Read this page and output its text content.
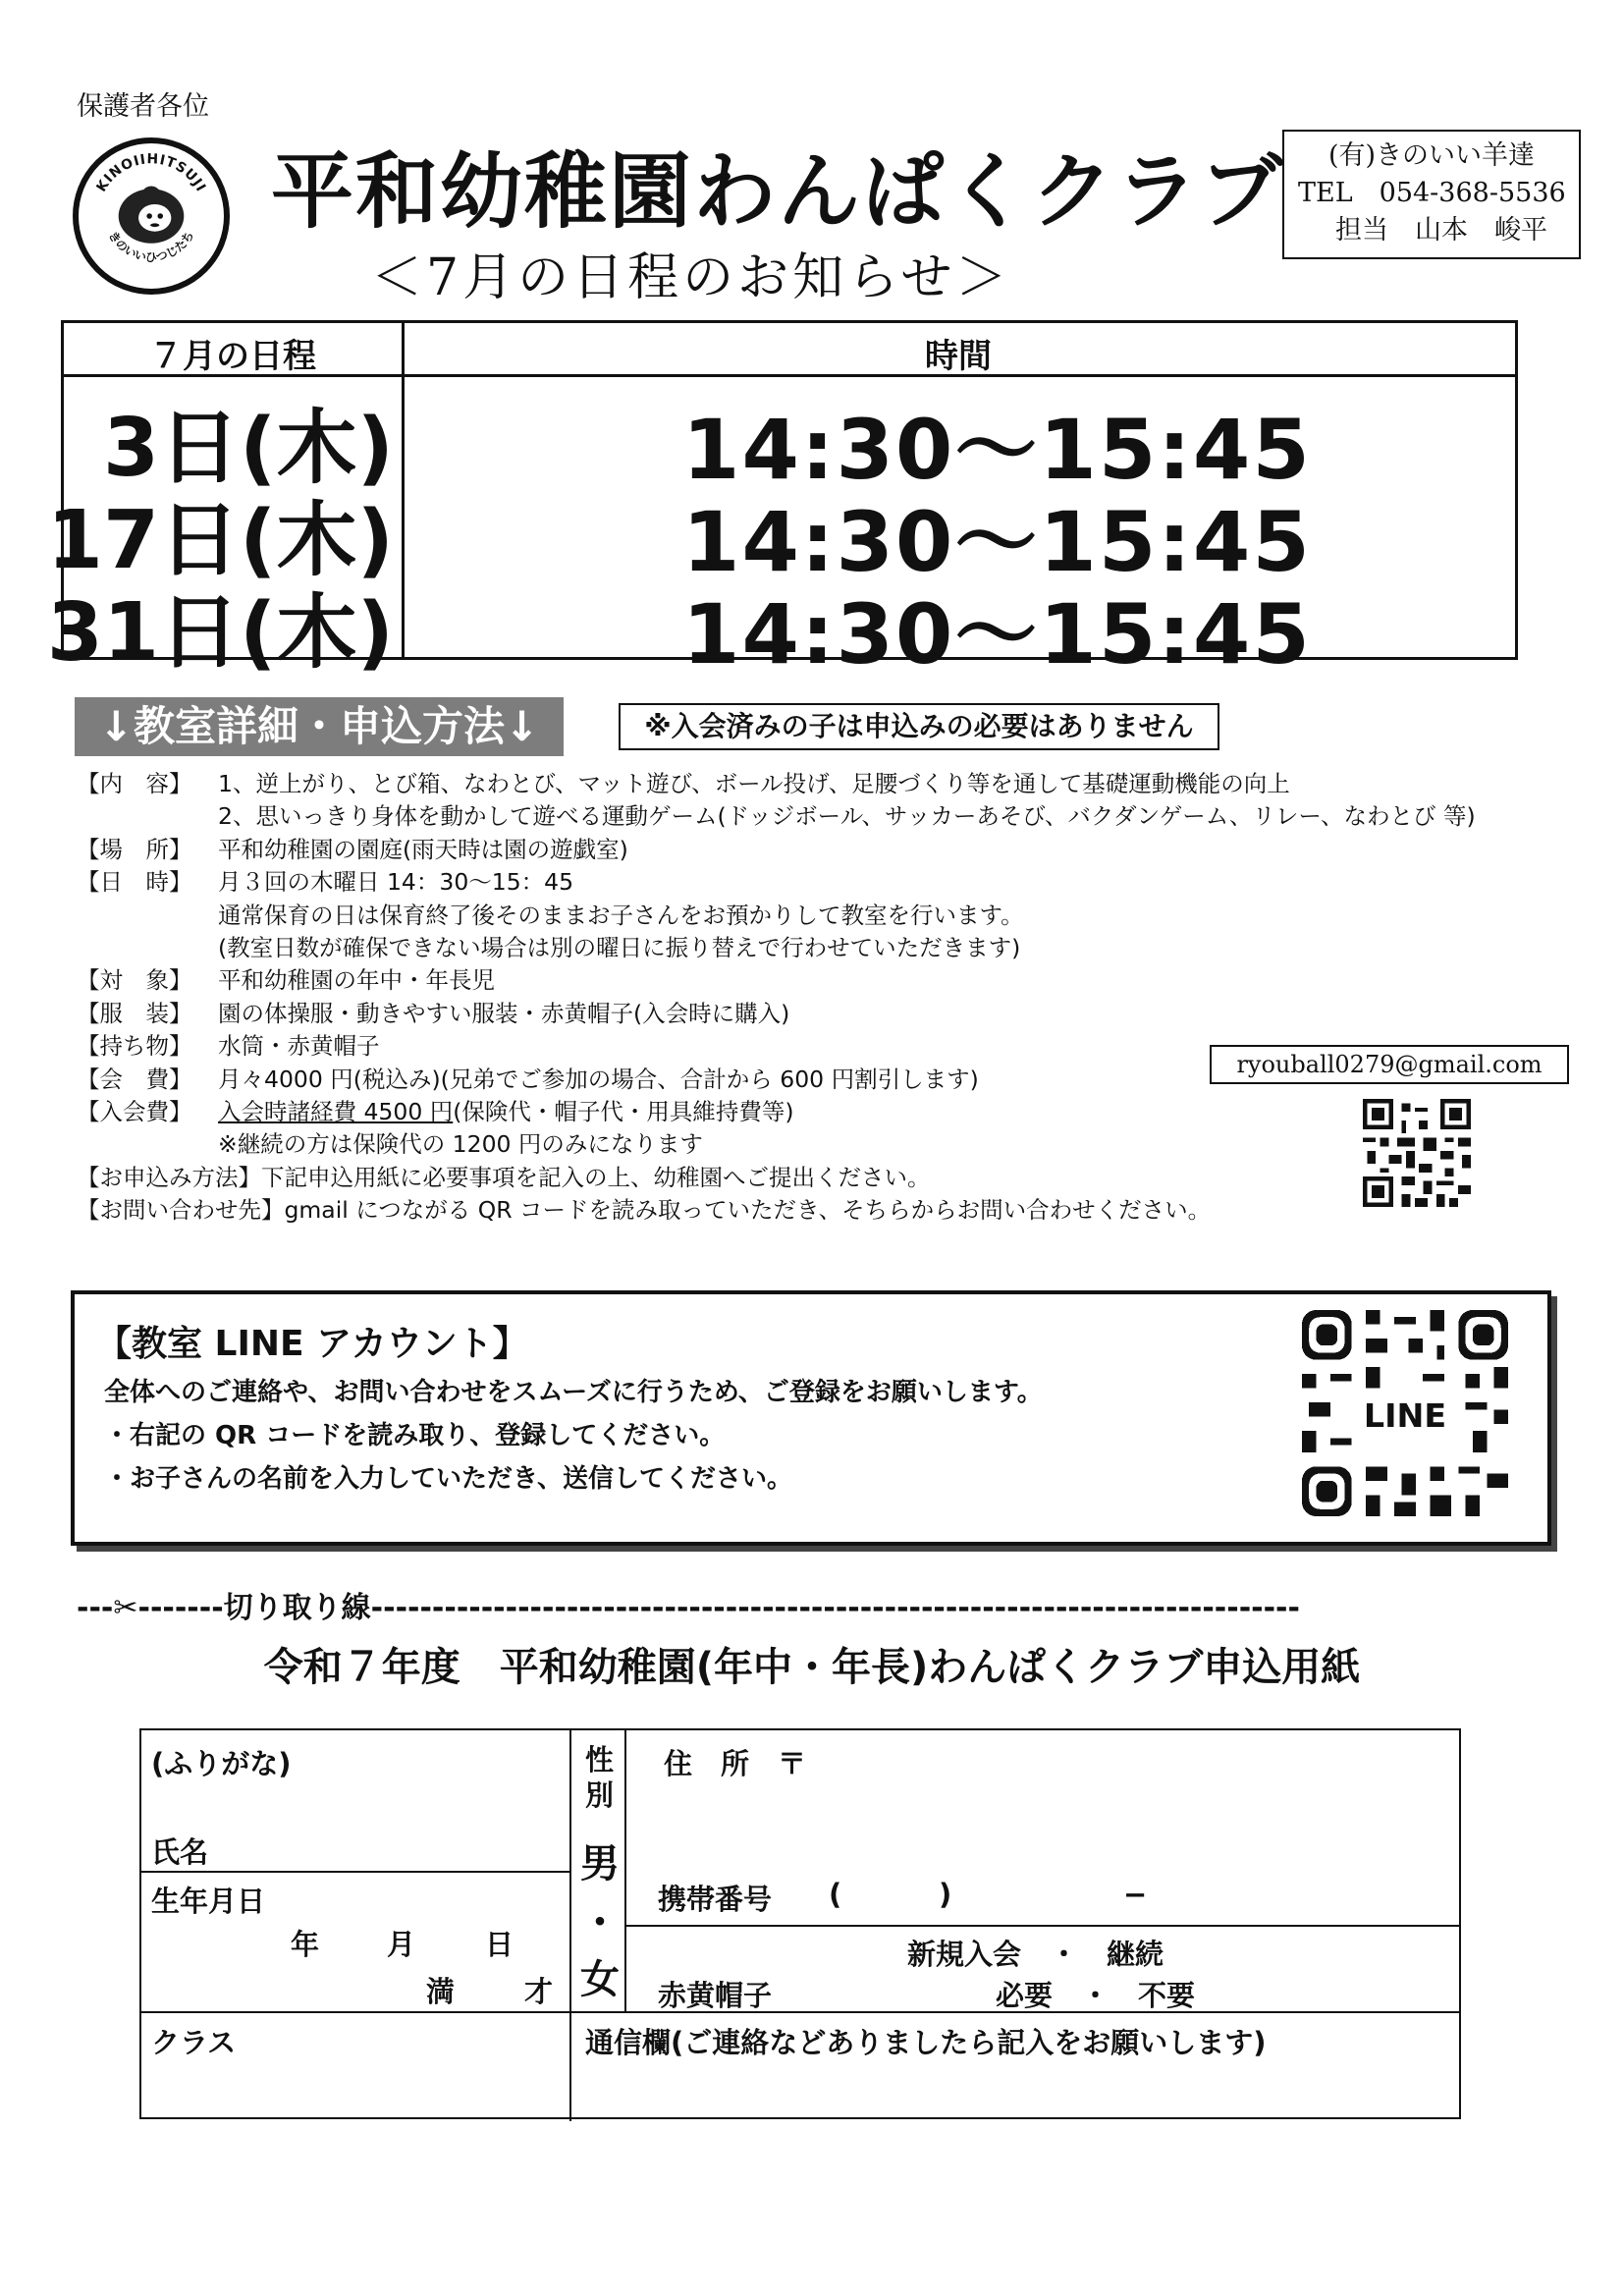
保護者各位
KINOIIHITSUJI
きのいいひつじたち 平和幼稚園わんぱくクラブ
＜7月の日程のお知らせ＞
(有)きのいい羊達
TEL　054-368-5536
担当　山本　峻平
７月の日程	時間
3日(木)	14:30〜15:45
17日(木)	14:30〜15:45
31日(木)	14:30〜15:45
↓教室詳細・申込方法↓	※入会済みの子は申込みの必要はありません
【内　容】	1、逆上がり、とび箱、なわとび、マット遊び、ボール投げ、足腰づくり等を通して基礎運動機能の向上
2、思いっきり身体を動かして遊べる運動ゲーム(ドッジボール、サッカーあそび、バクダンゲーム、リレー、なわとび 等)
【場　所】	平和幼稚園の園庭(雨天時は園の遊戯室)
【日　時】	月３回の木曜日 14：30〜15：45
通常保育の日は保育終了後そのままお子さんをお預かりして教室を行います。
(教室日数が確保できない場合は別の曜日に振り替えで行わせていただきます)
【対　象】	平和幼稚園の年中・年長児
【服　装】	園の体操服・動きやすい服装・赤黄帽子(入会時に購入)
【持ち物】	水筒・赤黄帽子
【会　費】	月々4000 円(税込み)(兄弟でご参加の場合、合計から 600 円割引します)
【入会費】	入会時諸経費 4500 円(保険代・帽子代・用具維持費等)
※継続の方は保険代の 1200 円のみになります
【お申込み方法】 下記申込用紙に必要事項を記入の上、幼稚園へご提出ください。
【お問い合わせ先】 gmail につながる QR コードを読み取っていただき、そちらからお問い合わせください。
ryouball0279@gmail.com
【教室 LINE アカウント】
全体へのご連絡や、お問い合わせをスムーズに行うため、ご登録をお願いします。
・右記の QR コードを読み取り、登録してください。
・お子さんの名前を入力していただき、送信してください。
LINE
---✂-------切り取り線----------------------------------------------------------------------------
令和７年度　平和幼稚園(年中・年長)わんぱくクラブ申込用紙
(ふりがな)
氏名
生年月日
年 月 日
満 才
性
別
男
・
女
住　所　〒
携帯番号 (	)	−
新規入会　・　継続
赤黄帽子	必要　・　不要
クラス	通信欄(ご連絡などありましたら記入をお願いします)
